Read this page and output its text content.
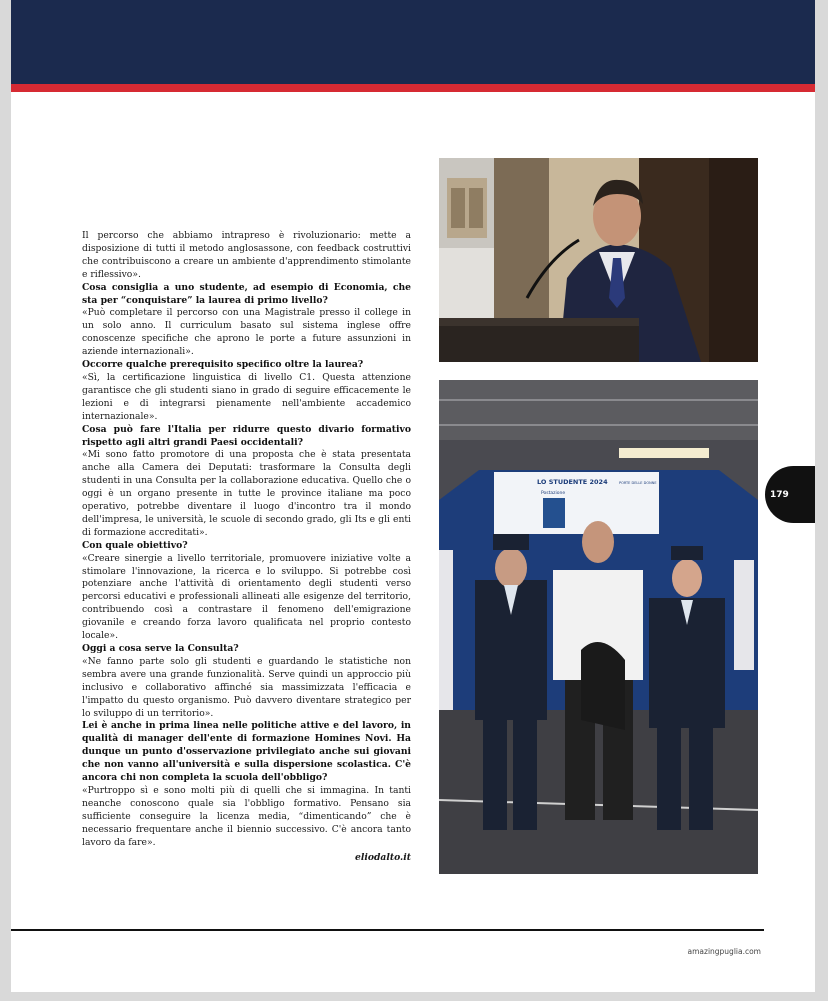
Il percorso che abbiamo intrapreso è rivoluzionario: mette a disposizione di tutti il metodo anglosassone, con feedback costruttivi che contribuiscono a creare un ambiente d'apprendimento stimolante e riflessivo».

Cosa consiglia a uno studente, ad esempio di Economia, che sta per “conquistare” la laurea di primo livello?

«Può completare il percorso con una Magistrale presso il college in un solo anno. Il curriculum basato sul sistema inglese offre conoscenze specifiche che aprono le porte a future assunzioni in aziende internazionali».

Occorre qualche prerequisito specifico oltre la laurea?

«Sì, la certificazione linguistica di livello C1. Questa attenzione garantisce che gli studenti siano in grado di seguire efficacemente le lezioni e di integrarsi pienamente nell'ambiente accademico internazionale».

Cosa può fare l'Italia per ridurre questo divario formativo rispetto agli altri grandi Paesi occidentali?

«Mi sono fatto promotore di una proposta che è stata presentata anche alla Camera dei Deputati: trasformare la Consulta degli studenti in una Consulta per la collaborazione educativa. Quello che o oggi è un organo presente in tutte le province italiane ma poco operativo, potrebbe diventare il luogo d'incontro tra il mondo dell'impresa, le università, le scuole di secondo grado, gli Its e gli enti di formazione accreditati».

Con quale obiettivo?

«Creare sinergie a livello territoriale, promuovere iniziative volte a stimolare l'innovazione, la ricerca e lo sviluppo. Si potrebbe così potenziare anche l'attività di orientamento degli studenti verso percorsi educativi e professionali allineati alle esigenze del territorio, contribuendo così a contrastare il fenomeno dell'emigrazione giovanile e creando forza lavoro qualificata nel proprio contesto locale».

Oggi a cosa serve la Consulta?

«Ne fanno parte solo gli studenti e guardando le statistiche non sembra avere una grande funzionalità. Serve quindi un approccio più inclusivo e collaborativo affinché sia massimizzata l'efficacia e l'impatto du questo organismo. Può davvero diventare strategico per lo sviluppo di un territorio».

Lei è anche in prima linea nelle politiche attive e del lavoro, in qualità di manager dell'ente di formazione Homines Novi. Ha dunque un punto d'osservazione privilegiato anche sui giovani che non vanno all'università e sulla dispersione scolastica. C'è ancora chi non completa la scuola dell'obbligo?

«Purtroppo sì e sono molti più di quelli che si immagina. In tanti neanche conoscono quale sia l'obbligo formativo. Pensano sia sufficiente conseguire la licenza media, “dimenticando” che è necessario frequentare anche il biennio successivo. C'è ancora tanto lavoro da fare».

eliodalto.it

LO STUDENTE 2024
Postazione
PORTE DELLE DONNE
amazingpuglia.com
179
